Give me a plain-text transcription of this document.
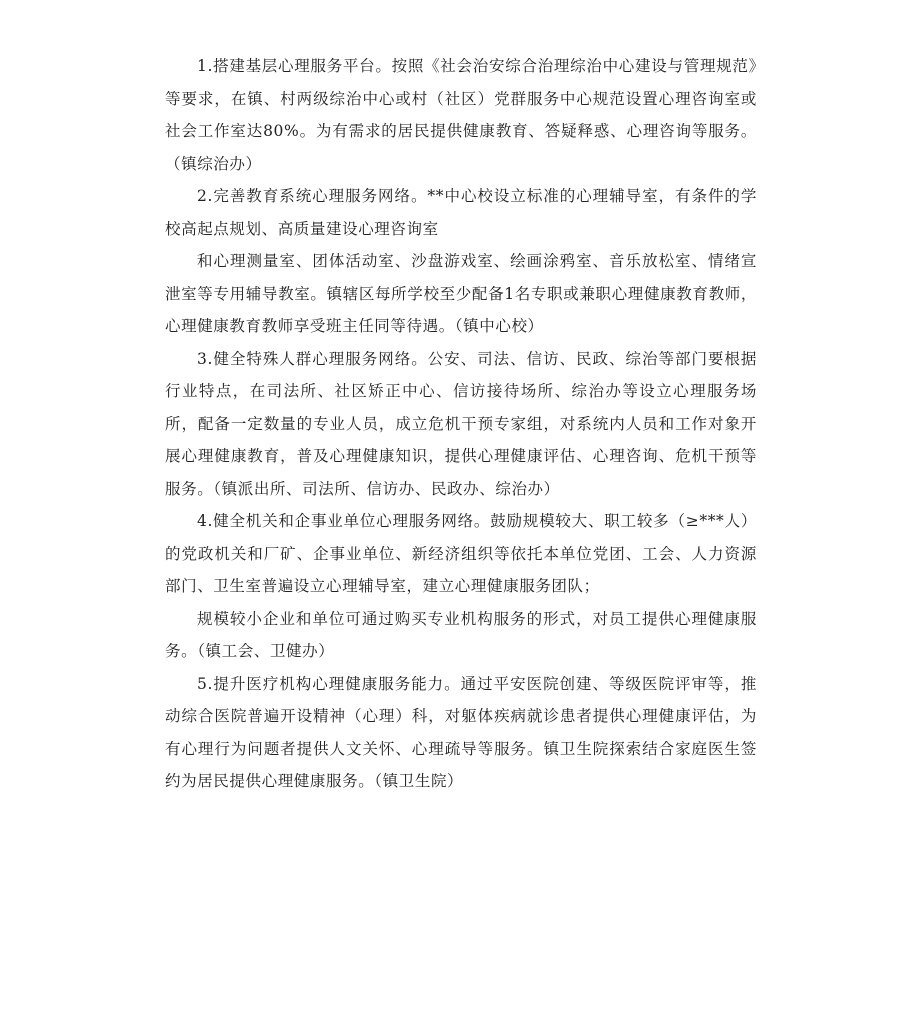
1.搭建基层心理服务平台。按照《社会治安综合治理综治中心建设与管理规范》等要求，在镇、村两级综治中心或村（社区）党群服务中心规范设置心理咨询室或社会工作室达80%。为有需求的居民提供健康教育、答疑释惑、心理咨询等服务。（镇综治办）

2.完善教育系统心理服务网络。**中心校设立标准的心理辅导室，有条件的学校高起点规划、高质量建设心理咨询室

和心理测量室、团体活动室、沙盘游戏室、绘画涂鸦室、音乐放松室、情绪宣泄室等专用辅导教室。镇辖区每所学校至少配备1名专职或兼职心理健康教育教师，心理健康教育教师享受班主任同等待遇。（镇中心校）

3.健全特殊人群心理服务网络。公安、司法、信访、民政、综治等部门要根据行业特点，在司法所、社区矫正中心、信访接待场所、综治办等设立心理服务场所，配备一定数量的专业人员，成立危机干预专家组，对系统内人员和工作对象开展心理健康教育，普及心理健康知识，提供心理健康评估、心理咨询、危机干预等服务。（镇派出所、司法所、信访办、民政办、综治办）

4.健全机关和企事业单位心理服务网络。鼓励规模较大、职工较多（≥***人）的党政机关和厂矿、企事业单位、新经济组织等依托本单位党团、工会、人力资源部门、卫生室普遍设立心理辅导室，建立心理健康服务团队；

规模较小企业和单位可通过购买专业机构服务的形式，对员工提供心理健康服务。（镇工会、卫健办）

5.提升医疗机构心理健康服务能力。通过平安医院创建、等级医院评审等，推动综合医院普遍开设精神（心理）科，对躯体疾病就诊患者提供心理健康评估，为有心理行为问题者提供人文关怀、心理疏导等服务。镇卫生院探索结合家庭医生签约为居民提供心理健康服务。（镇卫生院）
